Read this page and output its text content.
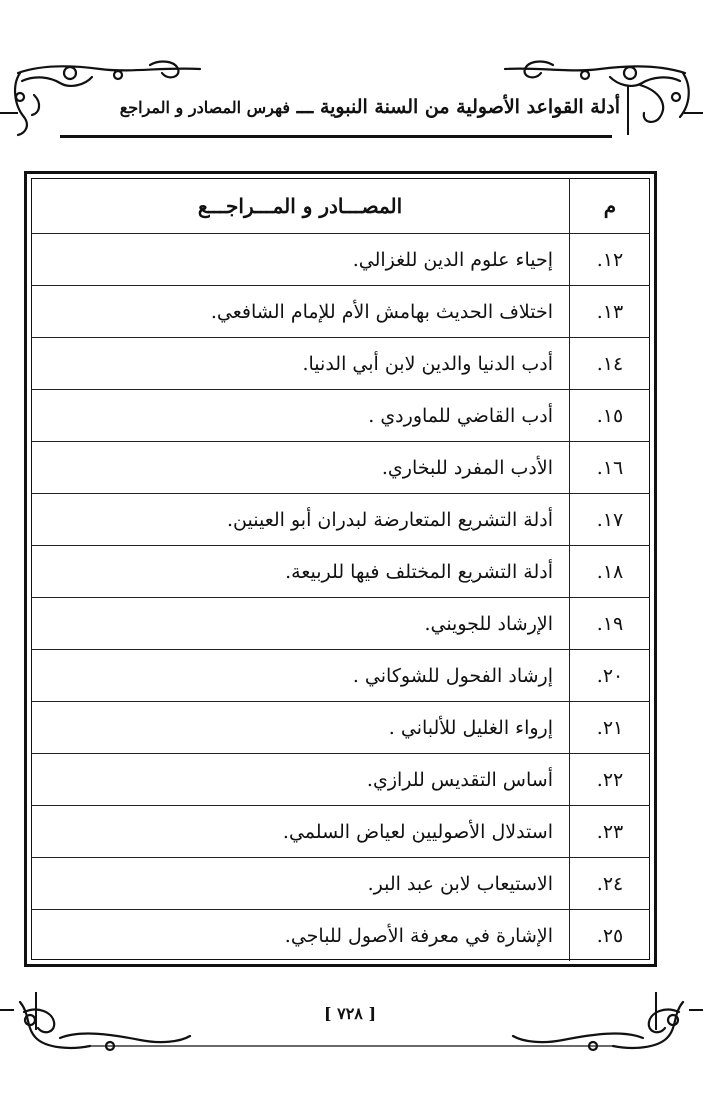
أدلة القواعد الأصولية من السنة النبوية ـــ فهرس المصادر و المراجع
م	المصـــادر و المـــراجـــع
١٢.	إحياء علوم الدين للغزالي.
١٣.	اختلاف الحديث بهامش الأم للإمام الشافعي.
١٤.	أدب الدنيا والدين لابن أبي الدنيا.
١٥.	أدب القاضي للماوردي .
١٦.	الأدب المفرد للبخاري.
١٧.	أدلة التشريع المتعارضة لبدران أبو العينين.
١٨.	أدلة التشريع المختلف فيها للربيعة.
١٩.	الإرشاد للجويني.
٢٠.	إرشاد الفحول للشوكاني .
٢١.	إرواء الغليل للألباني .
٢٢.	أساس التقديس للرازي.
٢٣.	استدلال الأصوليين لعياض السلمي.
٢٤.	الاستيعاب لابن عبد البر.
٢٥.	الإشارة في معرفة الأصول للباجي.
[ ٧٢٨ ]
